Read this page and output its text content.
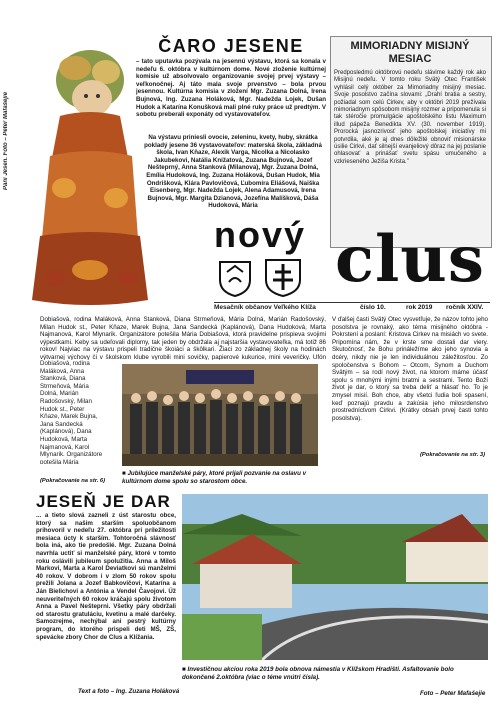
Pani Jesen. Foto – Peter Mafašejie
ČARO JESENE
– tato uputavka pozývala na jesennú výstavu, ktorá sa konala v nedeľu 6. októbra v kultúrnom dome. Nové zloženie kultúrnej komisie už absolvovalo organizovanie svojej prvej výstavy – veľkonočnej. Aj táto mala svoje prvenstvo – bola prvou jesennou. Kultúrna komisia v zložení Mgr. Zuzana Dolná, Irena Bujnová, Ing. Zuzana Holáková, Mgr. Nadežda Lojek, Dušan Hudok a Katarína Konušková mali plné ruky práce už predtým. V sobotu preberali exponáty od vystavovateľov.
Na výstavu priniesli ovocie, zeleninu, kvety, huby, skrátka pokladý jesene 36 vystavovateľov: materská škola, základná škola, Ivan Kňaze, Alexik Varga, Nicolka a Nicolasko Jakubekovi, Natália Knižatová, Zuzana Bujnová, Jozef Nešteprný, Anna Stanková (Milanova), Mgr. Zuzana Dolná, Emília Hudoková, Ing. Zuzana Holáková, Dušan Hudok, Mia Ondrišková, Klára Pavlovičová, Ľubomíra Eliášová, Naiška Eisenberg, Mgr. Nadežda Lojek, Alena Adamusová, Irena Bujnová, Mgr. Margita Dzianová, Jozefína Mališková, Dáša Hudoková, Mária
MIMORIADNY MISIJNÝ MESIAC
Predposledmú októbrovú nedeľu slávime každý rok ako Misijnú nedeľu. V tomto roku Svätý Otec František vyhlásil celý október za Mimoriadny misijný mesiac. Svoje posolstvo začína slovami: „Drahí bratia a sestry, požiadal som celú Cirkev, aby v októbri 2019 prežívala mimoriadnym spôsobom misijný rozmer a pripomenula si tak stéročie promulgácie apoštolského listu Maximum illud pápeža Benedikta XV. (30. november 1919). Prorocká jasnozrivosť jeho apoštolskej iniciatívy mi potvrdila, aké je aj dnes dôležité obnoviť misionárske úsilie Cirkvi, dať silnejší evanjeliový dôraz na jej poslanie ohlasovať a prinášať svetu spásu umučeného a vzkrieseného Ježiša Krista.”
nový clus
Mesačník občanov Veľkého Klíža	číslo 10.	rok 2019 ročník XXIV.
Dobiašová, rodina Maláková, Anna Stanková, Diana Strmeňová, Mária Dolná, Marián Radošovský, Milan Hudok st., Peter Kňaze, Marek Bujna, Jana Sandecká (Kaplánová), Dana Hudoková, Marta Najmanová, Karol Mlynarik. Organizátore potešila Mária Dobiašová, ktorá pravidelne prispieva svojimi výpestkami. Keby sa udeľovali diplomy, tak jeden by obdržala aj najstaršia vystavovateľka, má totiž 86 rokov! Najviac na výstavu prispeli tradične škoiáci a škôlkari. Žiaci zo základnej školy na hodinách výtvarnej výchovy či v školskom klube vyrobili mini sovičky, papierové kukurice, mini veveričky. Ufón
V ďalšej časti Svätý Otec vysvetľuje, že názov tohto jeho posolstva je rovnaký, ako téma misijného októbra - Pokrstení a poslaní: Kristova Cirkev na misiách vo svete. Pripomína nám, že v krste sme dostali dar viery. Skutočnosť, že Bohu prináležíme ako jeho synovia a dcéry, nikdy nie je len individuálnou záležitosťou. Zo spoločenstva s Bohom – Otcom, Synom a Duchom Svätým – sa rodí nový život, na ktorom máme účasť spolu s mnohými inými bratmi a sestrami. Tento Boží život je dar, o ktorý sa treba deliť a hlásať ho. To je zmysel misií. Boh chce, aby všetci ľudia boli spasení, keď poznajú pravdu a zakúsia jeho milosrdenstvo prostredníctvom Cirkvi. (Krátky obsah prvej časti tohto posolstva).
(Pokračovanie na str. 3)
Dobiašová, rodina Maláková, Anna Stanková, Diana Strmeňová, Mária Dolná, Marián Radošovský, Milan Hudok st., Peter Kňaze, Marek Bujna, Jana Sandecká (Kaplánová), Dana Hudoková, Marta Najmanová, Karol Mlynarik. Organizátore potešila Mária
(Pokračovanie na str. 6)
■ Jubilujúce manželské páry, ktoré prijali pozvanie na oslavu v kultúrnom dome spolu so starostom obce.
JESEŇ JE DAR
... a tieto slová zazneli z úst starostu obce, ktorý sa našim starším spoluobčanom prihovoril v nedeľu 27. októbra pri príležitosti mesiaca úcty k starším. Tohtoročná slávnosť bola iná, ako tie predošlé. Mgr. Zuzana Dolná navrhla uctiť si manželské páry, ktoré v tomto roku oslávili jubileum spolužitia. Anna a Miloš Markovi, Marta a Karol Deviatkovi sú manželmi 40 rokov. V dobrom i v zlom 50 rokov spolu prežili Jolana a Jozef Babkovičovi, Katarína a Ján Bielichovi a Antónia a Vendel Čavojovi. Úž neuveriteľných 60 rokov kráčajú spolu životom Anna a Pavel Nešteprni. Všetky páry obdržali od starostu gratuláciu, kvetinu a malé darčeky. Samozrejme, nechýbal ani pestrý kultúrny program, do ktorého prispeli deti MŠ, ZŠ, spevácke zbory Chor de Clus a Klížania.
Text a foto – Ing. Zuzana Holáková
■ Investičnou akciou roka 2019 bola obnova námestia v Klížskom Hradišti. Asfaltovanie bolo dokončené 2.októbra (viac o téme vnútri čísla).
Foto – Peter Mafašejie
